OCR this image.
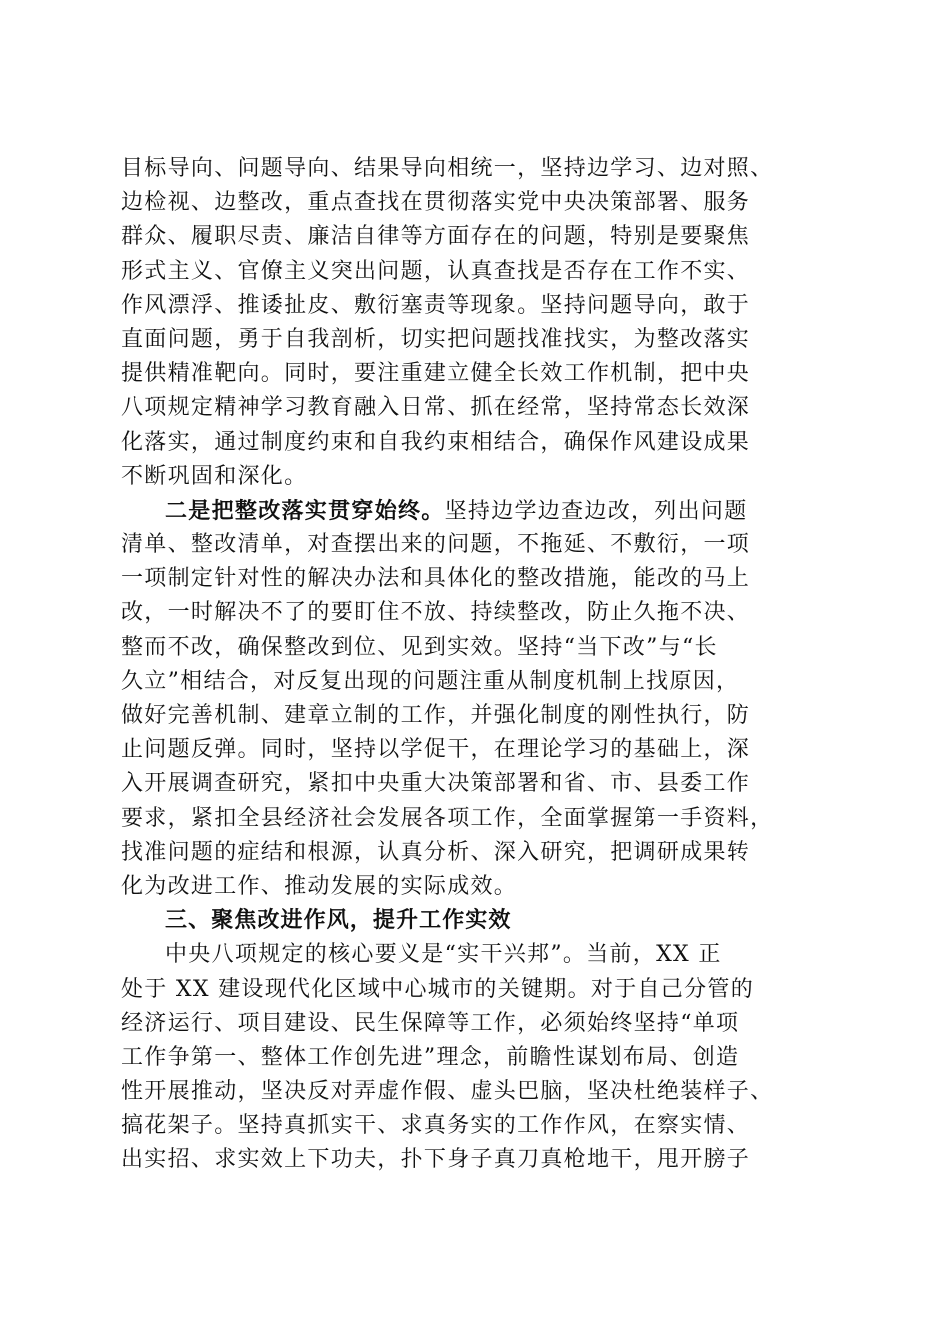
目标导向、问题导向、结果导向相统一，坚持边学习、边对照、
边检视、边整改，重点查找在贯彻落实党中央决策部署、服务
群众、履职尽责、廉洁自律等方面存在的问题，特别是要聚焦
形式主义、官僚主义突出问题，认真查找是否存在工作不实、
作风漂浮、推诿扯皮、敷衍塞责等现象。坚持问题导向，敢于
直面问题，勇于自我剖析，切实把问题找准找实，为整改落实
提供精准靶向。同时，要注重建立健全长效工作机制，把中央
八项规定精神学习教育融入日常、抓在经常，坚持常态长效深
化落实，通过制度约束和自我约束相结合，确保作风建设成果
不断巩固和深化。
二是把整改落实贯穿始终。坚持边学边查边改，列出问题
清单、整改清单，对查摆出来的问题，不拖延、不敷衍，一项
一项制定针对性的解决办法和具体化的整改措施，能改的马上
改，一时解决不了的要盯住不放、持续整改，防止久拖不决、
整而不改，确保整改到位、见到实效。坚持“当下改”与“长
久立”相结合，对反复出现的问题注重从制度机制上找原因，
做好完善机制、建章立制的工作，并强化制度的刚性执行，防
止问题反弹。同时，坚持以学促干，在理论学习的基础上，深
入开展调查研究，紧扣中央重大决策部署和省、市、县委工作
要求，紧扣全县经济社会发展各项工作，全面掌握第一手资料，
找准问题的症结和根源，认真分析、深入研究，把调研成果转
化为改进工作、推动发展的实际成效。
三、聚焦改进作风，提升工作实效
中央八项规定的核心要义是“实干兴邦”。当前，XX 正
处于 XX 建设现代化区域中心城市的关键期。对于自己分管的
经济运行、项目建设、民生保障等工作，必须始终坚持“单项
工作争第一、整体工作创先进”理念，前瞻性谋划布局、创造
性开展推动，坚决反对弄虚作假、虚头巴脑，坚决杜绝装样子、
搞花架子。坚持真抓实干、求真务实的工作作风，在察实情、
出实招、求实效上下功夫，扑下身子真刀真枪地干，甩开膀子
